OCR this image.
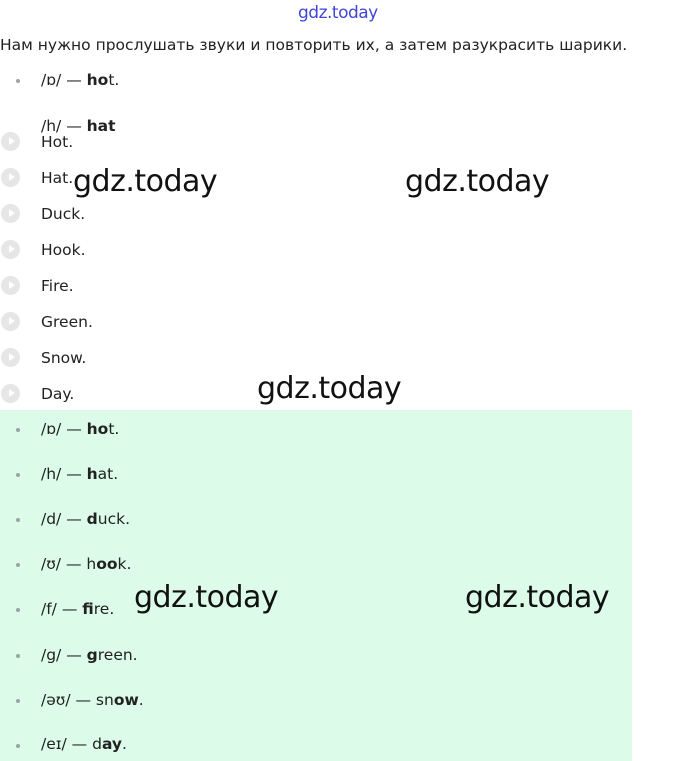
gdz.today
Нам нужно прослушать звуки и повторить их, а затем разукрасить шарики.
/ɒ/ — hot.
/h/ — hat
Hot.
Hat.
Duck.
Hook.
Fire.
Green.
Snow.
Day.
/ɒ/ — hot.
/h/ — hat.
/d/ — duck.
/ʊ/ — hook.
/f/ — fire.
/g/ — green.
/əʊ/ — snow.
/eɪ/ — day.
gdz.today	gdz.today
gdz.today
gdz.today	gdz.today
